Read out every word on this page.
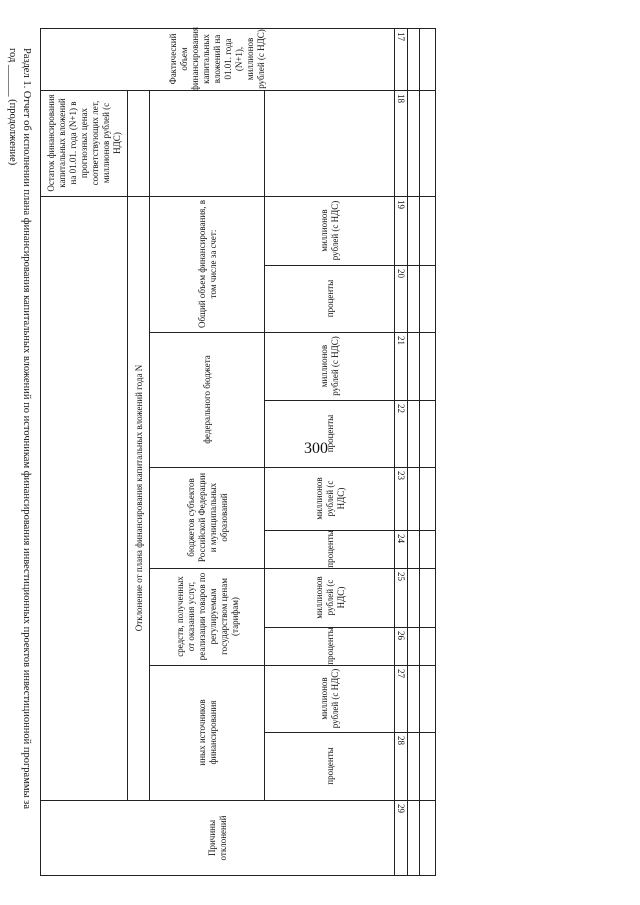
300
Раздел 1. Отчет об исполнении плана финансирования капитальных вложений по источникам финансирования инвестиционных проектов инвестиционной программы за
год ______ (продолжение)	Фактический объем финансирования капитальных вложений на 01.01. года (N+1), миллионов рублей (с НДС)
Остаток финансирования капитальных вложений на 01.01. года (N+1) в прогнозных ценах соответствующих лет, миллионов рублей (с НДС)
Отклонение от плана финансирования капитальных вложений года N
Общий объем финансирования, в том числе за счет:
федерального бюджета
бюджетов субъектов Российской Федерации и муниципальных образований
средств, полученных от оказания услуг, реализации товаров по регулируемым государством ценам (тарифам)
иных источников финансирования
миллионов рублей (с НДС)
проценты
миллионов рублей (с НДС)
проценты
миллионов рублей (с НДС)
проценты
миллионов рублей (с НДС)
проценты
миллионов рублей (с НДС)
проценты
Причины отклонений
17
18
19
20
21
22
23
24
25
26
27
28
29
